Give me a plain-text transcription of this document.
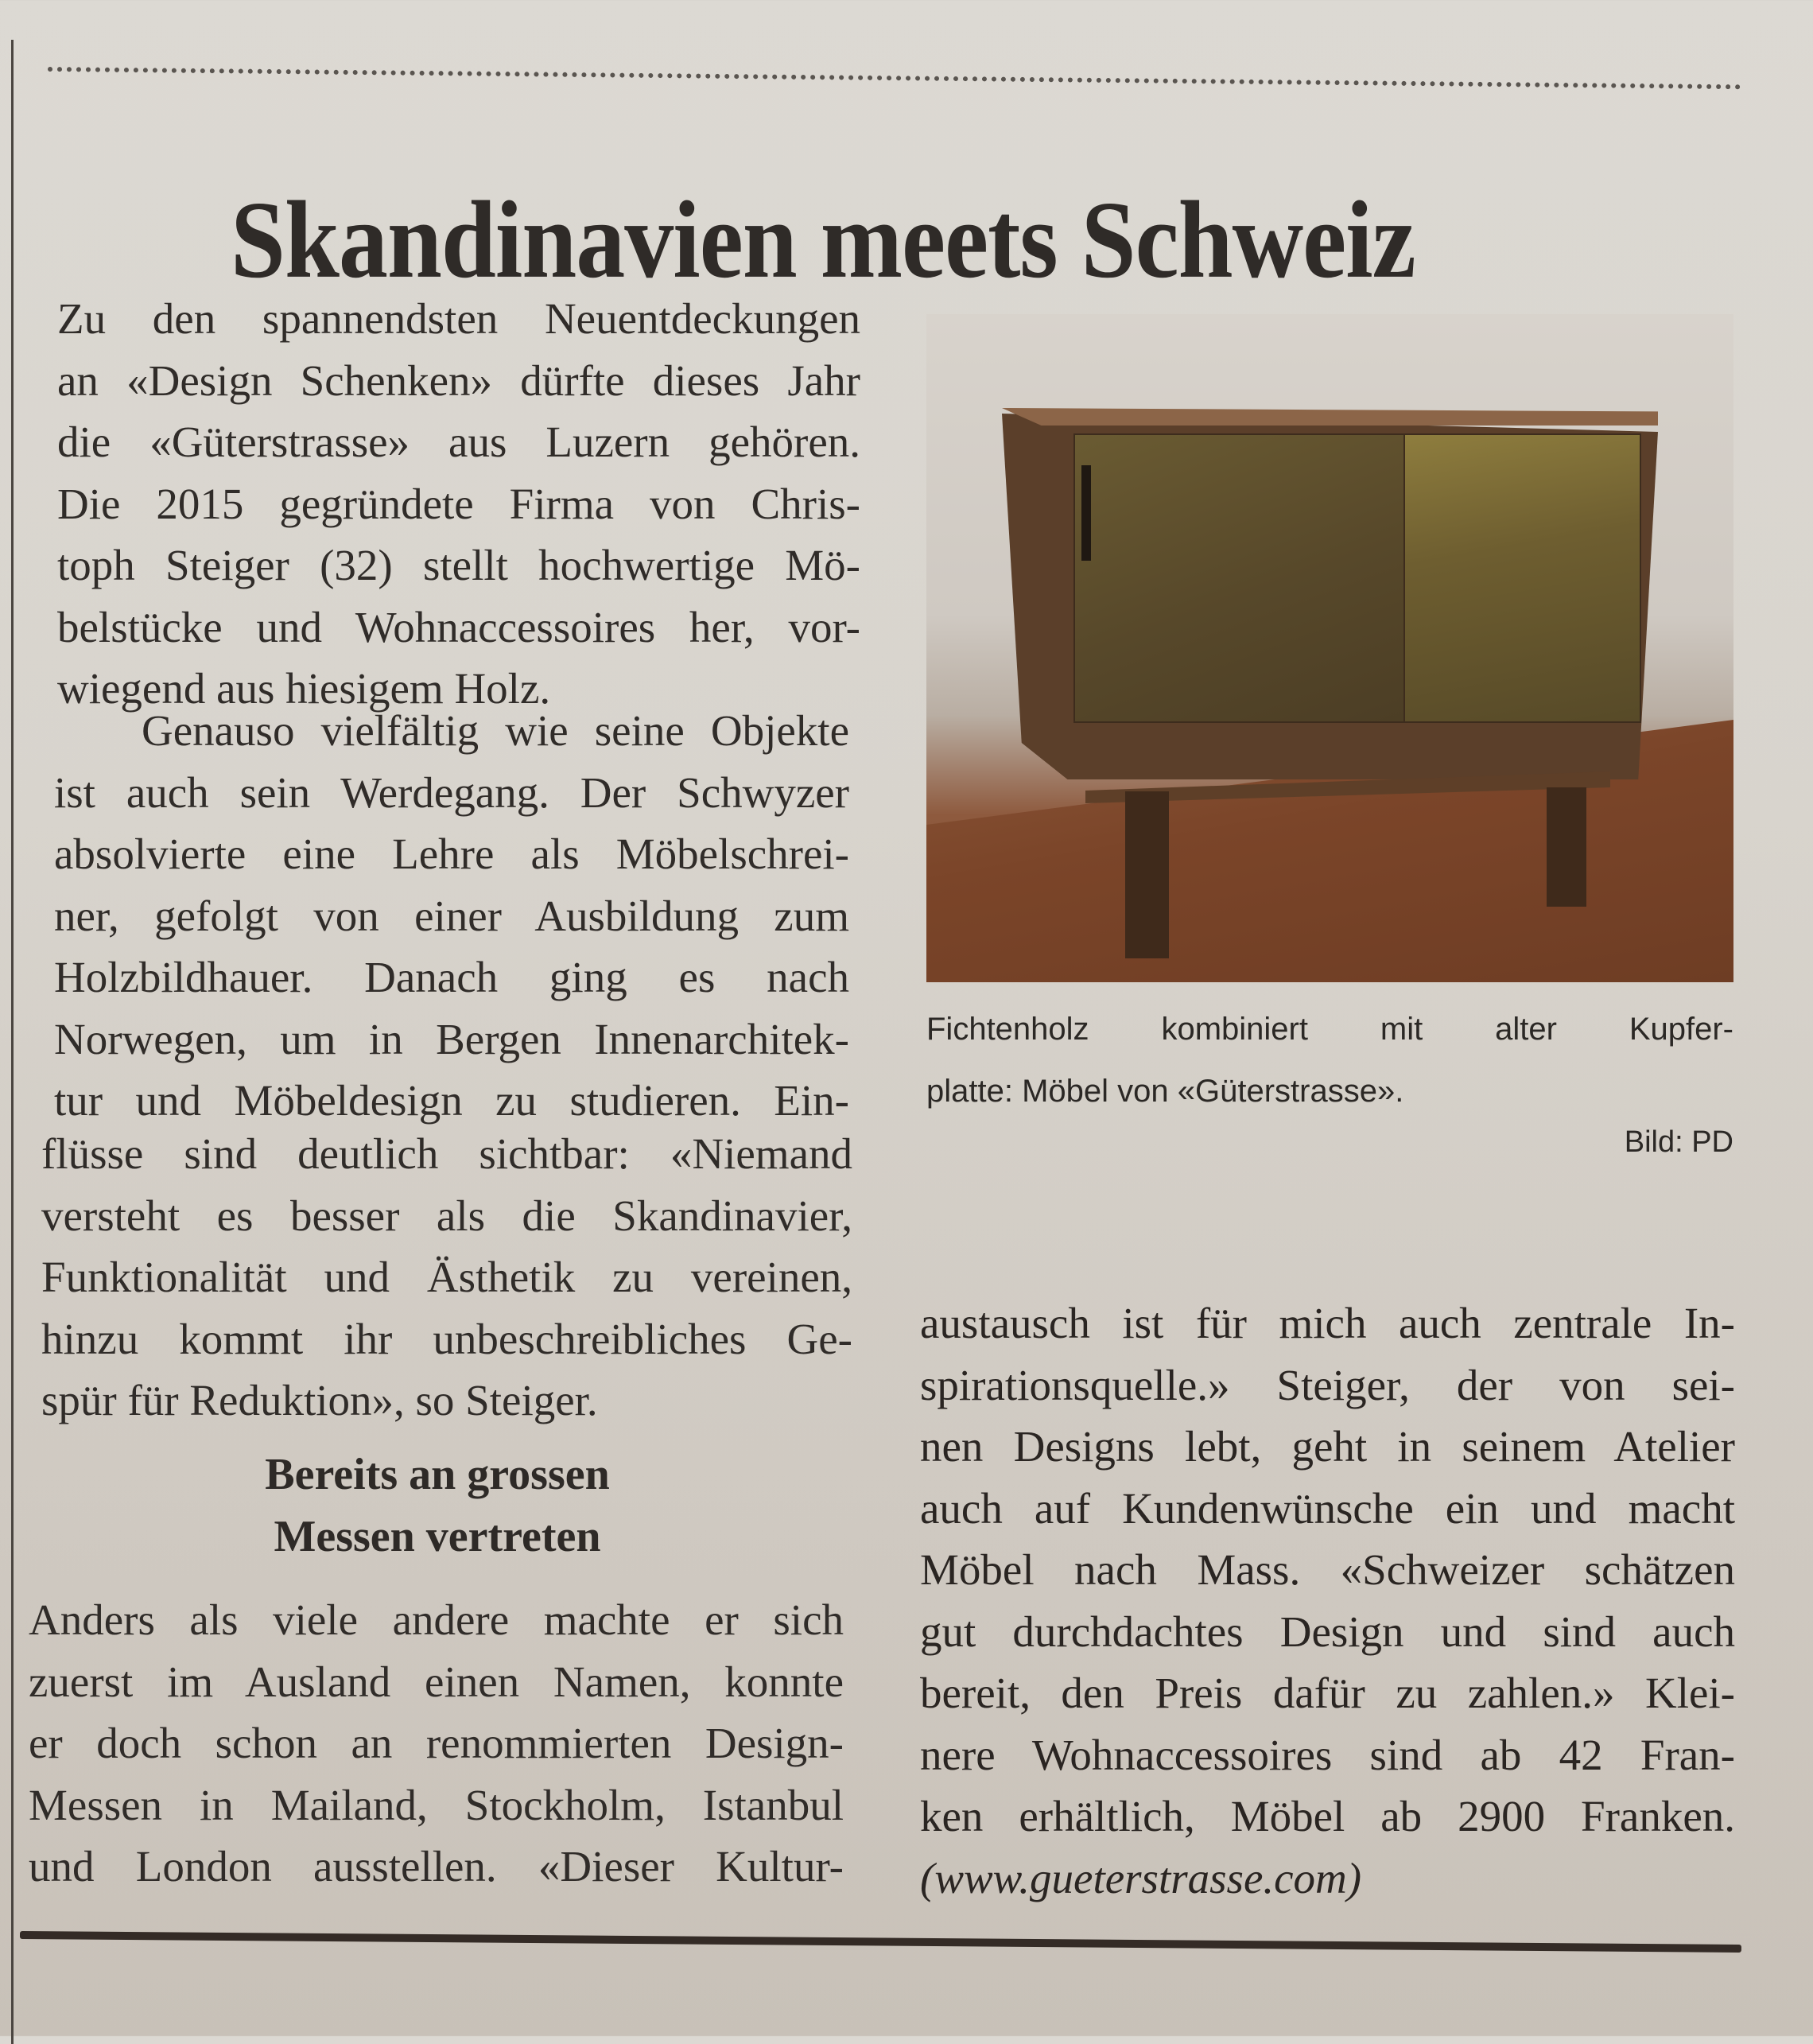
Skandinavien meets Schweiz
Zu den spannendsten Neuentdeckungen
an «Design Schenken» dürfte dieses Jahr
die «Güterstrasse» aus Luzern gehören.
Die 2015 gegründete Firma von Chris-
toph Steiger (32) stellt hochwertige Mö-
belstücke und Wohnaccessoires her, vor-
wiegend aus hiesigem Holz.
Genauso vielfältig wie seine Objekte
ist auch sein Werdegang. Der Schwyzer
absolvierte eine Lehre als Möbelschrei-
ner, gefolgt von einer Ausbildung zum
Holzbildhauer. Danach ging es nach
Norwegen, um in Bergen Innenarchitek-
tur und Möbeldesign zu studieren. Ein-
flüsse sind deutlich sichtbar: «Niemand
versteht es besser als die Skandinavier,
Funktionalität und Ästhetik zu vereinen,
hinzu kommt ihr unbeschreibliches Ge-
spür für Reduktion», so Steiger.
Bereits an grossen
Messen vertreten
Anders als viele andere machte er sich
zuerst im Ausland einen Namen, konnte
er doch schon an renommierten Design-
Messen in Mailand, Stockholm, Istanbul
und London ausstellen. «Dieser Kultur-
Fichtenholz kombiniert mit alter Kupfer-
platte: Möbel von «Güterstrasse».
Bild: PD
austausch ist für mich auch zentrale In-
spirationsquelle.» Steiger, der von sei-
nen Designs lebt, geht in seinem Atelier
auch auf Kundenwünsche ein und macht
Möbel nach Mass. «Schweizer schätzen
gut durchdachtes Design und sind auch
bereit, den Preis dafür zu zahlen.» Klei-
nere Wohnaccessoires sind ab 42 Fran-
ken erhältlich, Möbel ab 2900 Franken.
(www.gueterstrasse.com)
